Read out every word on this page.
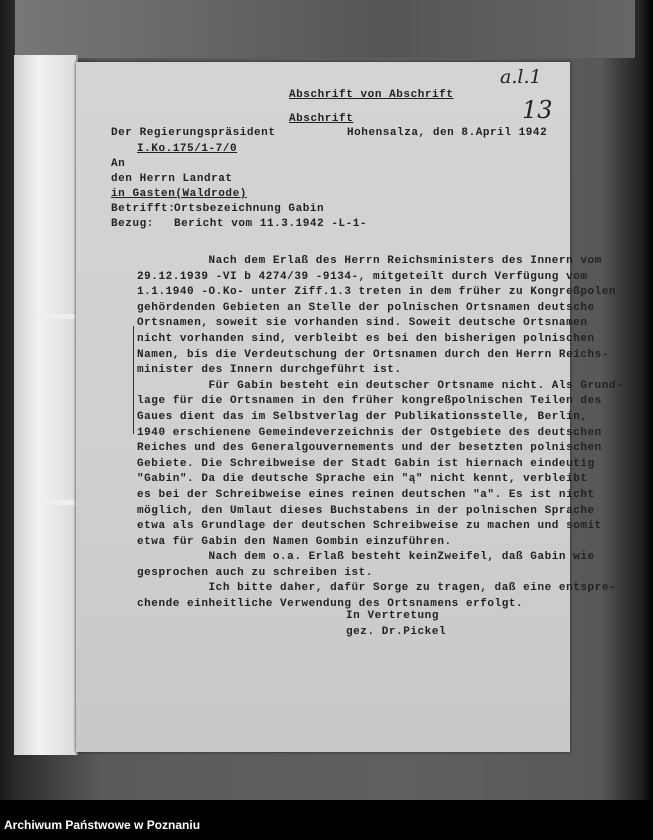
a.l.1
13
Abschrift von Abschrift
Abschrift
Der Regierungspräsident	Hohensalza, den 8.April 1942
I.Ko.175/1-7/0
An
den Herrn Landrat
in Gasten(Waldrode)
Betrifft:
Ortsbezeichnung Gabin
Bezug: Bericht vom 11.3.1942 -L-1-
Nach dem Erlaß des Herrn Reichsministers des Innern vom
29.12.1939 -VI b 4274/39 -9134-, mitgeteilt durch Verfügung vom
1.1.1940 -O.Ko- unter Ziff.1.3 treten in dem früher zu Kongreßpolen
gehördenden Gebieten an Stelle der polnischen Ortsnamen deutsche
Ortsnamen, soweit sie vorhanden sind. Soweit deutsche Ortsnamen
nicht vorhanden sind, verbleibt es bei den bisherigen polnischen
Namen, bis die Verdeutschung der Ortsnamen durch den Herrn Reichs-
minister des Innern durchgeführt ist.
Für Gabin besteht ein deutscher Ortsname nicht. Als Grund-
lage für die Ortsnamen in den früher kongreßpolnischen Teilen des
Gaues dient das im Selbstverlag der Publikationsstelle, Berlin,
1940 erschienene Gemeindeverzeichnis der Ostgebiete des deutschen
Reiches und des Generalgouvernements und der besetzten polnischen
Gebiete. Die Schreibweise der Stadt Gabin ist hiernach eindeutig
"Gabin". Da die deutsche Sprache ein "ą" nicht kennt, verbleibt
es bei der Schreibweise eines reinen deutschen "a". Es ist nicht
möglich, den Umlaut dieses Buchstabens in der polnischen Sprache
etwa als Grundlage der deutschen Schreibweise zu machen und somit
etwa für Gabin den Namen Gombin einzuführen.
Nach dem o.a. Erlaß besteht keinZweifel, daß Gabin wie
gesprochen auch zu schreiben ist.
Ich bitte daher, dafür Sorge zu tragen, daß eine entspre-
chende einheitliche Verwendung des Ortsnamens erfolgt.
In Vertretung
gez. Dr.Pickel
Archiwum Państwowe w Poznaniu
